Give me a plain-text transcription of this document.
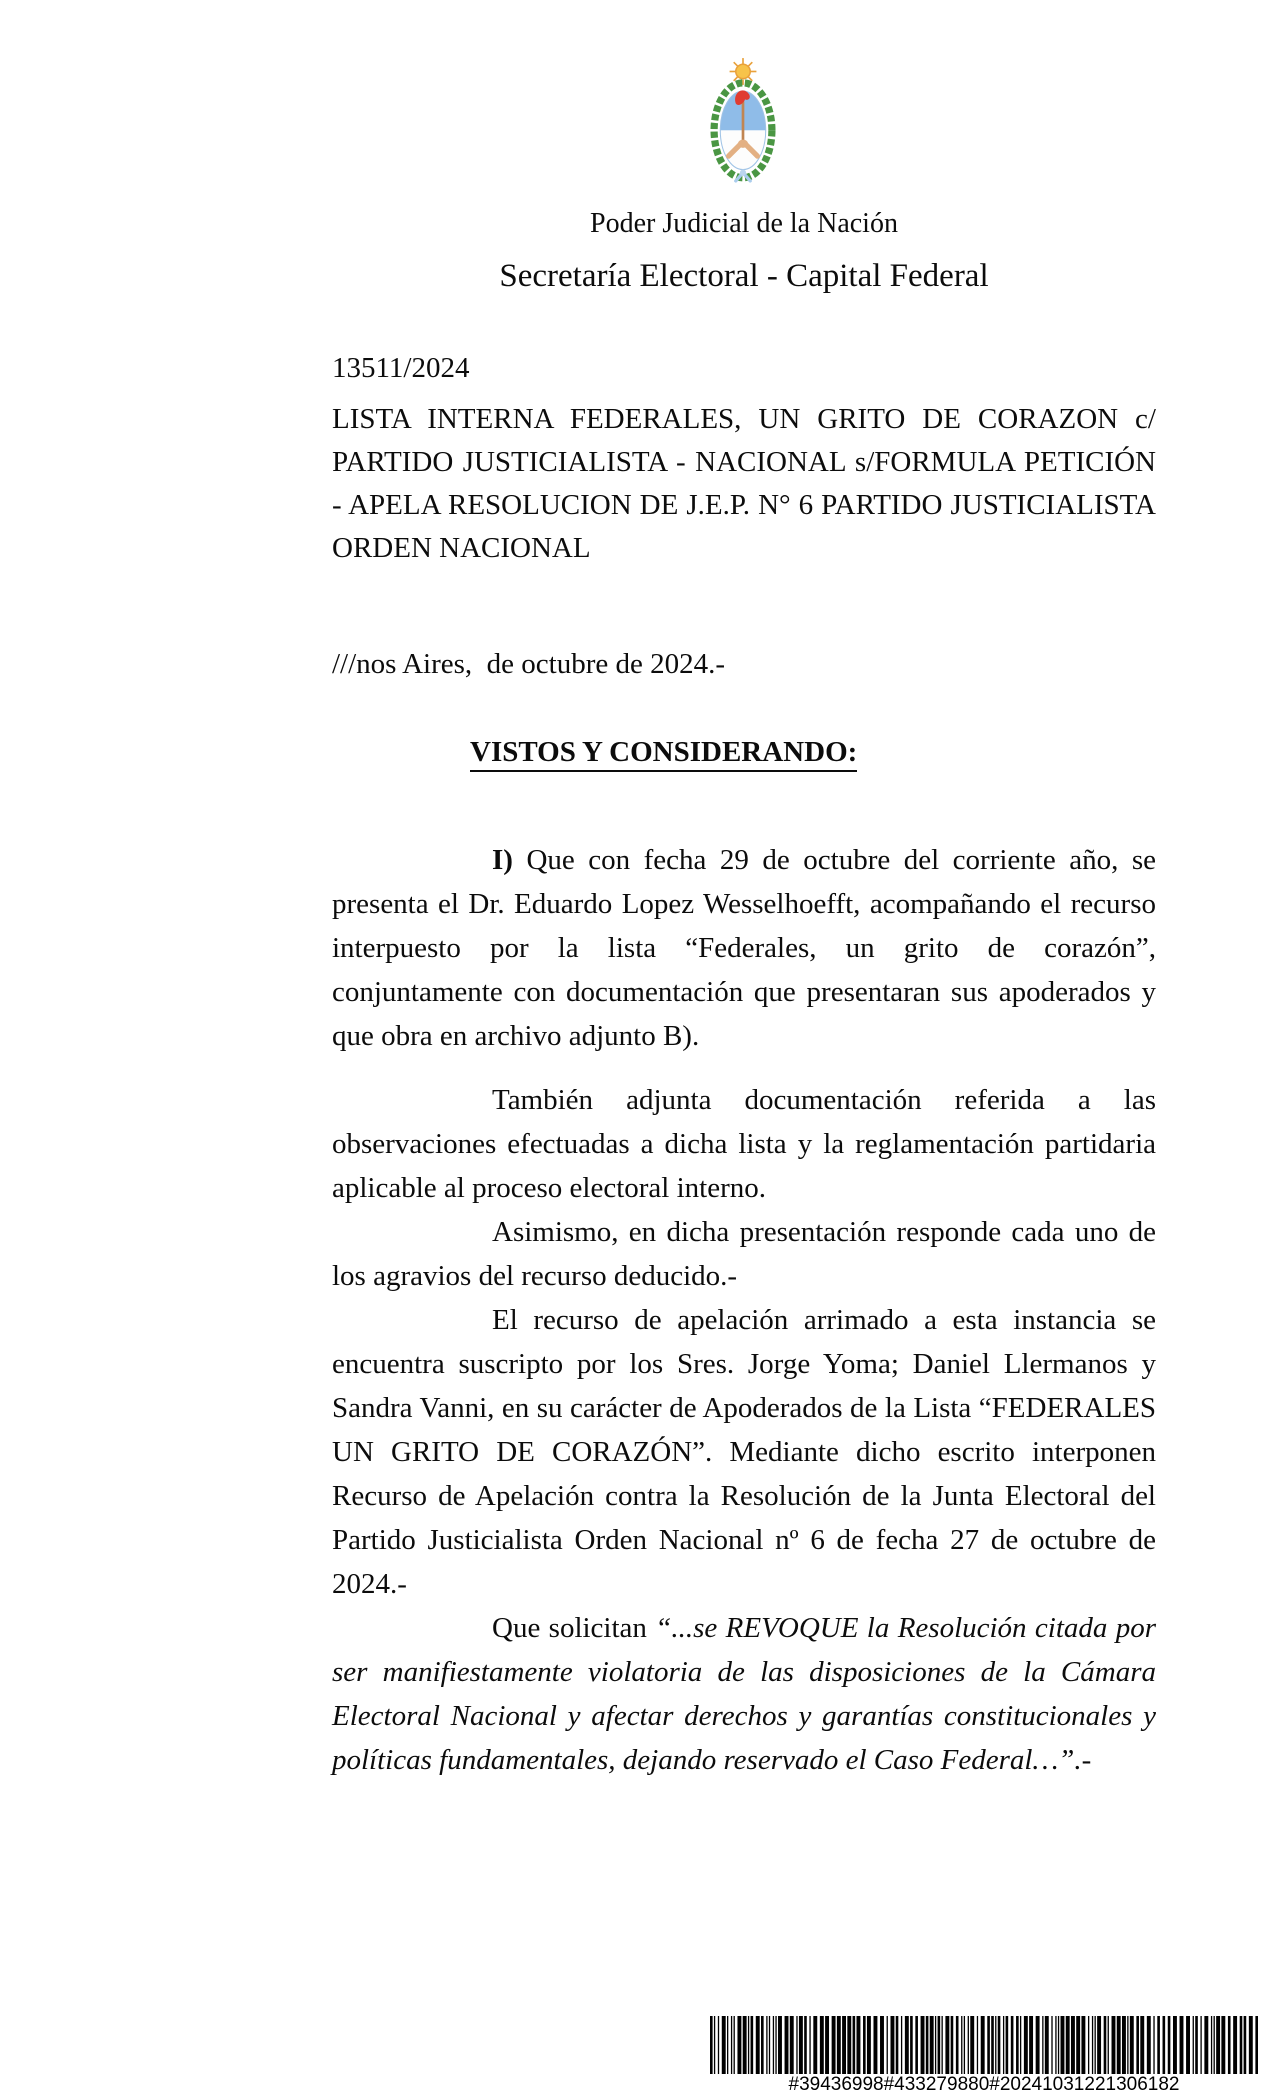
Poder Judicial de la Nación
Secretaría Electoral - Capital Federal
13511/2024
LISTA INTERNA FEDERALES, UN GRITO DE CORAZON c/ PARTIDO JUSTICIALISTA - NACIONAL s/FORMULA PETICIÓN - APELA RESOLUCION DE J.E.P. N° 6 PARTIDO JUSTICIALISTA ORDEN NACIONAL
///nos Aires,  de octubre de 2024.-
VISTOS Y CONSIDERANDO:

I) Que con fecha 29 de octubre del corriente año, se presenta el Dr. Eduardo Lopez Wesselhoefft, acompañando el recurso interpuesto por la lista “Federales, un grito de corazón”, conjuntamente con documentación que presentaran sus apoderados y que obra en archivo adjunto B).

También adjunta documentación referida a las observaciones efectuadas a dicha lista y la reglamentación partidaria aplicable al proceso electoral interno.

Asimismo, en dicha presentación responde cada uno de los agravios del recurso deducido.-

El recurso de apelación arrimado a esta instancia se encuentra suscripto por los Sres. Jorge Yoma; Daniel Llermanos y Sandra Vanni, en su carácter de Apoderados de la Lista “FEDERALES UN GRITO DE CORAZÓN”. Mediante dicho escrito interponen Recurso de Apelación contra la Resolución de la Junta Electoral del Partido Justicialista Orden Nacional nº 6 de fecha 27 de octubre de 2024.-

Que solicitan “...se REVOQUE la Resolución citada por ser manifiestamente violatoria de las disposiciones de la Cámara Electoral Nacional y afectar derechos y garantías constitucionales y políticas fundamentales, dejando reservado el Caso Federal…”.-

#39436998#433279880#20241031221306182
